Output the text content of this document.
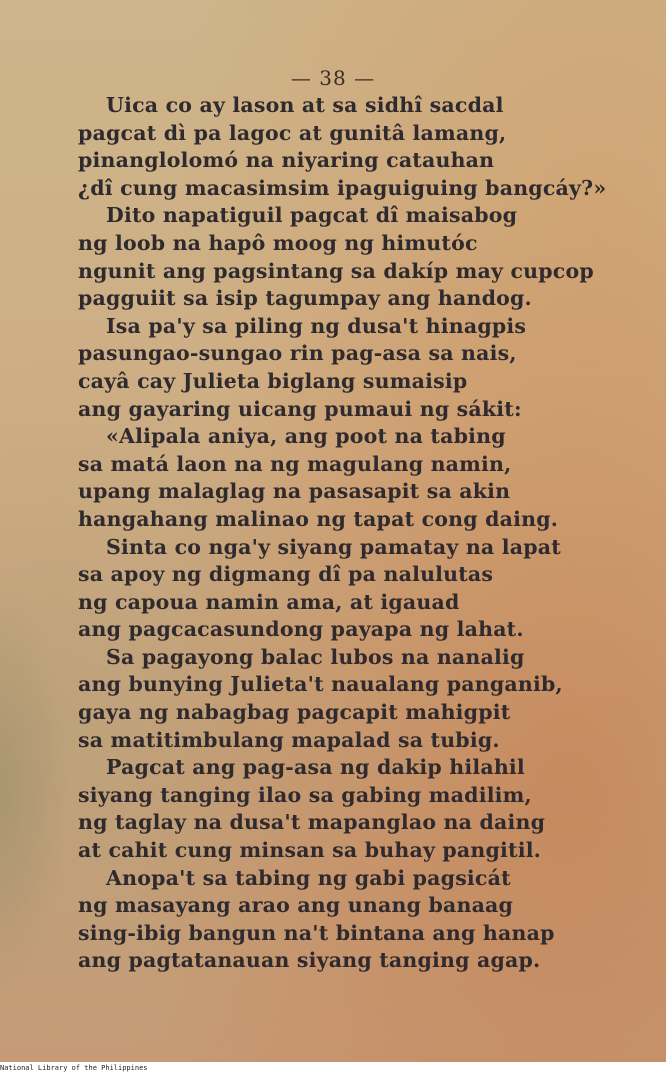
— 38 —
Uica co ay lason at sa sidhî sacdal
pagcat dì pa lagoc at gunitâ lamang,
pinanglolomó na niyaring catauhan
¿dî cung macasimsim ipaguiguing bangcáy?»
Dito napatiguil pagcat dî maisabog
ng loob na hapô moog ng himutóc
ngunit ang pagsintang sa dakíp may cupcop
pagguiit sa isip tagumpay ang handog.
Isa pa'y sa piling ng dusa't hinagpis
pasungao-sungao rin pag-asa sa nais,
cayâ cay Julieta biglang sumaisip
ang gayaring uicang pumaui ng sákit:
«Alipala aniya, ang poot na tabing
sa matá laon na ng magulang namin,
upang malaglag na pasasapit sa akin
hangahang malinao ng tapat cong daing.
Sinta co nga'y siyang pamatay na lapat
sa apoy ng digmang dî pa nalulutas
ng capoua namin ama, at igauad
ang pagcacasundong payapa ng lahat.
Sa pagayong balac lubos na nanalig
ang bunying Julieta't naualang panganib,
gaya ng nabagbag pagcapit mahigpit
sa matitimbulang mapalad sa tubig.
Pagcat ang pag-asa ng dakip hilahil
siyang tanging ilao sa gabing madilim,
ng taglay na dusa't mapanglao na daing
at cahit cung minsan sa buhay pangitil.
Anopa't sa tabing ng gabi pagsicát
ng masayang arao ang unang banaag
sing-ibig bangun na't bintana ang hanap
ang pagtatanauan siyang tanging agap.
National Library of the Philippines
